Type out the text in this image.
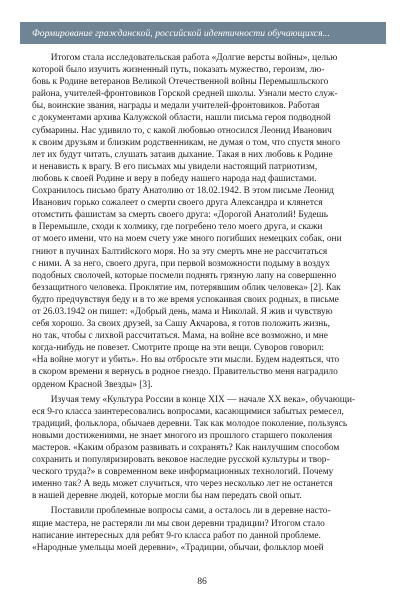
Формирование гражданской, российской идентичности обучающихся...
Итогом стала исследовательская работа «Долгие версты войны», целью
которой было изучить жизненный путь, показать мужество, героизм, лю-
бовь к Родине ветеранов Великой Отечественной войны Перемышльского
района, учителей-фронтовиков Горской средней школы. Узнали место служ-
бы, воинские звания, награды и медали учителей-фронтовиков. Работая
с документами архива Калужской области, нашли письма героя подводной
субмарины. Нас удивило то, с какой любовью относился Леонид Иванович
к своим друзьям и близким родственникам, не думая о том, что спустя много
лет их будут читать, слушать затаив дыхание. Такая в них любовь к Родине
и ненависть к врагу. В его письмах мы увидели настоящий патриотизм,
любовь к своей Родине и веру в победу нашего народа над фашистами.
Сохранилось письмо брату Анатолию от 18.02.1942. В этом письме Леонид
Иванович горько сожалеет о смерти своего друга Александра и клянется
отомстить фашистам за смерть своего друга: «Дорогой Анатолий! Будешь
в Перемышле, сходи к холмику, где погребено тело моего друга, и скажи
от моего имени, что на моем счету уже много погибших немецких собак, они
гниют в пучинах Балтийского моря. Но за эту смерть мне не рассчитаться
с ними. А за него, своего друга, при первой возможности подыму в воздух
подобных сволочей, которые посмели поднять грязную лапу на совершенно
беззащитного человека. Проклятие им, потерявшим облик человека» [2]. Как
будто предчувствуя беду и в то же время успокаивая своих родных, в письме
от 26.03.1942 он пишет: «Добрый день, мама и Николай. Я жив и чувствую
себя хорошо. За своих друзей, за Сашу Акчарова, я готов положить жизнь,
но так, чтобы с лихвой рассчитаться. Мама, на войне все возможно, и мне
когда-нибудь не повезет. Смотрите проще на эти вещи. Суворов говорил:
«На войне могут и убить». Но вы отбросьте эти мысли. Будем надеяться, что
в скором времени я вернусь в родное гнездо. Правительство меня наградило
орденом Красной Звезды» [3].
Изучая тему «Культура России в конце XIX — начале XX века», обучающи-
еся 9-го класса заинтересовались вопросами, касающимися забытых ремесел,
традиций, фольклора, обычаев деревни. Так как молодое поколение, пользуясь
новыми достижениями, не знает многого из прошлого старшего поколения
мастеров. «Каким образом развивать и сохранять? Как наилучшим способом
сохранить и популяризировать вековое наследие русской культуры и твор-
ческого труда?» в современном веке информационных технологий. Почему
именно так? А ведь может случиться, что через несколько лет не останется
в нашей деревне людей, которые могли бы нам передать свой опыт.
Поставили проблемные вопросы сами, а осталось ли в деревне насто-
ящие мастера, не растеряли ли мы свои деревни традиции? Итогом стало
написание интересных для ребят 9-го класса работ по данной проблеме.
«Народные умельцы моей деревни», «Традиции, обычаи, фольклор моей
86
